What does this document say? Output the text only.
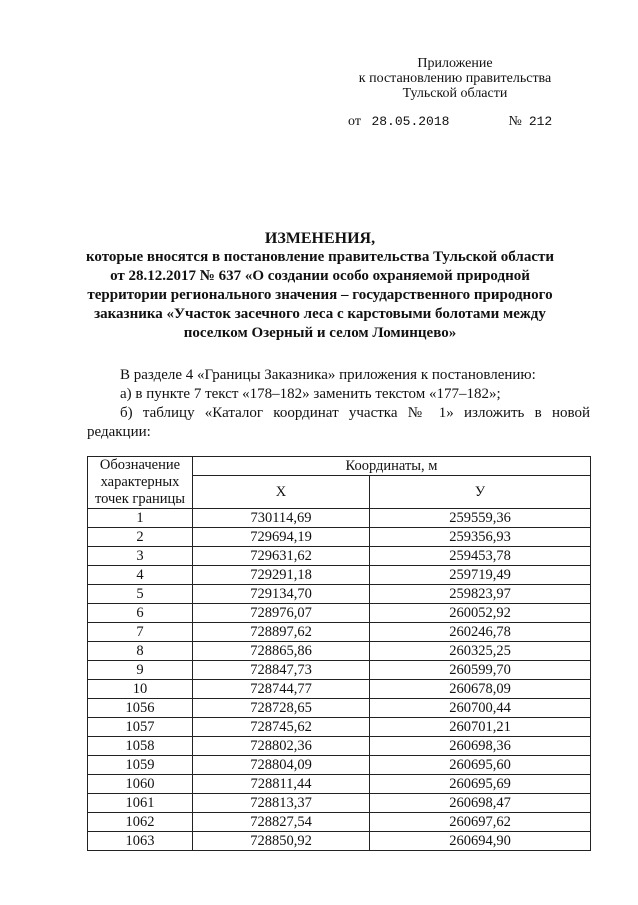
Приложение
к постановлению правительства
Тульской области
от 28.05.2018	№ 212
ИЗМЕНЕНИЯ,
которые вносятся в постановление правительства Тульской области
от 28.12.2017 № 637 «О создании особо охраняемой природной
территории регионального значения – государственного природного
заказника «Участок засечного леса с карстовыми болотами между
поселком Озерный и селом Ломинцево»
В разделе 4 «Границы Заказника» приложения к постановлению:
а) в пункте 7 текст «178–182» заменить текстом «177–182»;
б) таблицу «Каталог координат участка № 1» изложить в новой
редакции:
Обозначение характерных точек границы	Координаты, м	
	X	У
1	730114,69	259559,36
2	729694,19	259356,93
3	729631,62	259453,78
4	729291,18	259719,49
5	729134,70	259823,97
6	728976,07	260052,92
7	728897,62	260246,78
8	728865,86	260325,25
9	728847,73	260599,70
10	728744,77	260678,09
1056	728728,65	260700,44
1057	728745,62	260701,21
1058	728802,36	260698,36
1059	728804,09	260695,60
1060	728811,44	260695,69
1061	728813,37	260698,47
1062	728827,54	260697,62
1063	728850,92	260694,90
